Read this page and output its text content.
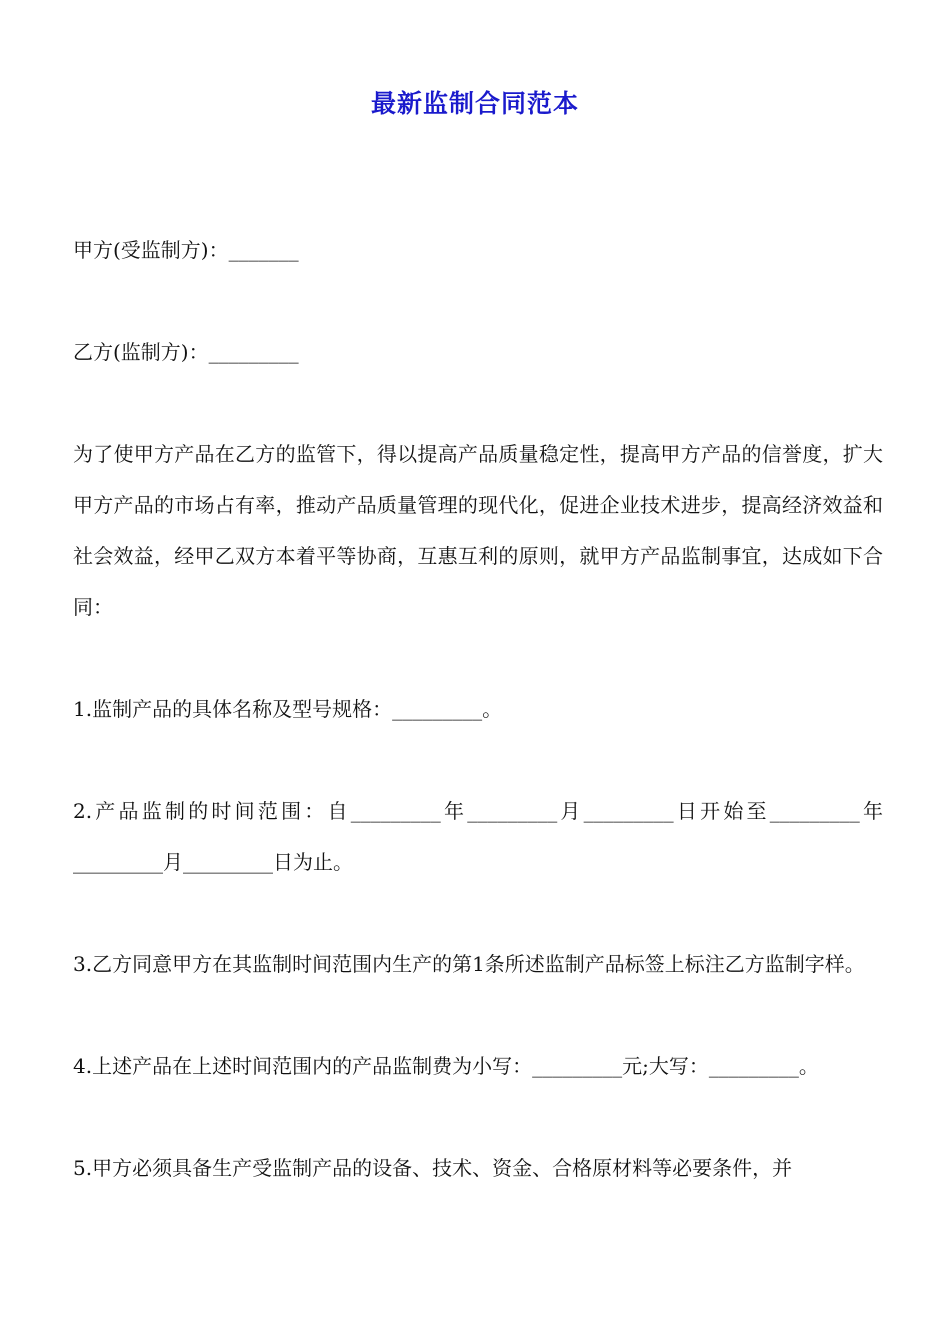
最新监制合同范本

甲方(受监制方)：_______

乙方(监制方)：_________

为了使甲方产品在乙方的监管下，得以提高产品质量稳定性，提高甲方产品的信誉度，扩大甲方产品的市场占有率，推动产品质量管理的现代化，促进企业技术进步，提高经济效益和社会效益，经甲乙双方本着平等协商，互惠互利的原则，就甲方产品监制事宜，达成如下合同：

1.监制产品的具体名称及型号规格：_________。

2.产品监制的时间范围：自_________年_________月_________日开始至_________年_________月_________日为止。

3.乙方同意甲方在其监制时间范围内生产的第1条所述监制产品标签上标注乙方监制字样。

4.上述产品在上述时间范围内的产品监制费为小写：_________元;大写：_________。

5.甲方必须具备生产受监制产品的设备、技术、资金、合格原材料等必要条件，并
